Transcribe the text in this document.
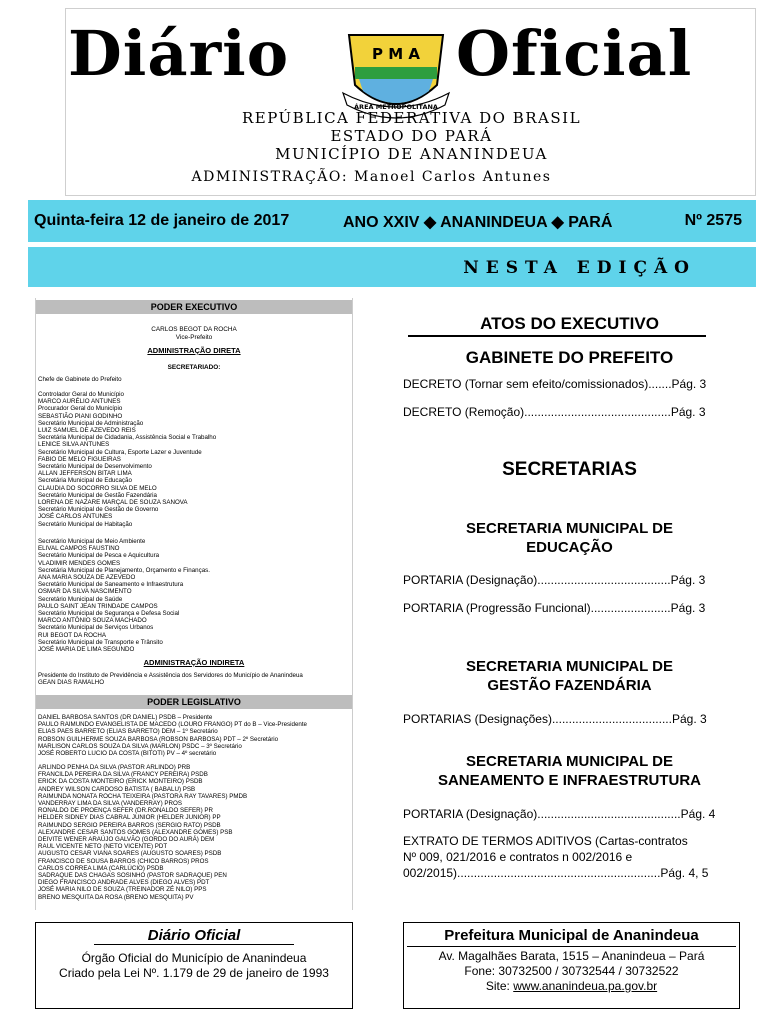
Diário	P M A
ÁREA METROPOLITANA
Oficial
REPÚBLICA FEDERATIVA DO BRASIL
ESTADO DO PARÁ
MUNICÍPIO DE ANANINDEUA
ADMINISTRAÇÃO: Manoel Carlos Antunes
Quinta-feira 12 de janeiro de 2017	ANO XXIV ◆ ANANINDEUA ◆ PARÁ	Nº 2575
NESTA EDIÇÃO
PODER EXECUTIVO
CARLOS BEGOT DA ROCHA
Vice-Prefeito
ADMINISTRAÇÃO DIRETA
SECRETARIADO:
Chefe de Gabinete do Prefeito
Controlador Geral do Município
MARCO AURÉLIO ANTUNES
Procurador Geral do Município
SEBASTIÃO PIANI GODINHO
Secretário Municipal de Administração
LUIZ SAMUEL DE AZEVEDO REIS
Secretária Municipal de Cidadania, Assistência Social e Trabalho
LENICE SILVA ANTUNES
Secretário Municipal de Cultura, Esporte Lazer e Juventude
FABIO DE MELO FIGUEIRAS
Secretário Municipal de Desenvolvimento
ALLAN JEFFERSON BITAR LIMA
Secretária Municipal de Educação
CLAUDIA DO SOCORRO SILVA DE MELO
Secretário Municipal de Gestão Fazendária
LORENA DE NAZARE MARÇAL DE SOUZA SANOVA
Secretário Municipal de Gestão de Governo
JOSÉ CARLOS ANTUNES
Secretário Municipal de Habitação
Secretário Municipal de Meio Ambiente
ELIVAL CAMPOS FAUSTINO
Secretário Municipal de Pesca e Aquicultura
VLADIMIR MENDES GOMES
Secretária Municipal de Planejamento, Orçamento e Finanças.
ANA MARIA SOUZA DE AZEVEDO
Secretário Municipal de Saneamento e Infraestrutura
OSMAR DA SILVA NASCIMENTO
Secretário Municipal de Saúde
PAULO SAINT JEAN TRINDADE CAMPOS
Secretário Municipal de Segurança e Defesa Social
MARCO ANTÔNIO SOUZA MACHADO
Secretário Municipal de Serviços Urbanos
RUI BEGOT DA ROCHA
Secretário Municipal de Transporte e Trânsito
JOSÉ MARIA DE LIMA SEGUNDO
ADMINISTRAÇÃO INDIRETA
Presidente do Instituto de Previdência e Assistência dos Servidores do Município de Ananindeua
GEAN DIAS RAMALHO
PODER LEGISLATIVO
DANIEL BARBOSA SANTOS (DR DANIEL) PSDB – Presidente
PAULO RAIMUNDO EVANGELISTA DE MACEDO (LOURO FRANGO) PT do B – Vice-Presidente
ELIAS PAES BARRETO (ELIAS BARRETO) DEM – 1º Secretário
ROBSON GUILHERME SOUZA BARBOSA (ROBSON BARBOSA) PDT – 2º Secretário
MARLISON CARLOS SOUZA DA SILVA (MARLON) PSDC – 3º Secretário
JOSÉ ROBERTO LUCIO DA COSTA (BITOTI) PV – 4º secretário
ARLINDO PENHA DA SILVA (PASTOR ARLINDO) PRB
FRANCILDA PEREIRA DA SILVA (FRANCY PEREIRA) PSDB
ERICK DA COSTA MONTEIRO (ERICK MONTEIRO) PSDB
ANDREY WILSON CARDOSO BATISTA ( BABALU) PSB
RAIMUNDA NONATA ROCHA TEIXEIRA (PASTORA RAY TAVARES) PMDB
VANDERRAY LIMA DA SILVA (VANDERRAY) PROS
RONALDO DE PROENÇA SEFER (DR.RONALDO SEFER) PR
HELDER SIDNEY DIAS CABRAL JUNIOR (HELDER JUNIOR) PP
RAIMUNDO SERGIO PEREIRA BARROS (SERGIO RATO) PSDB
ALEXANDRE CESAR SANTOS GOMES (ALEXANDRE GOMES) PSB
DEIVITE WENER ARAÚJO GALVÃO (GORDO DO AURÁ) DEM
RAUL VICENTE NETO (NETO VICENTE) PDT
AUGUSTO CESAR VIANA SOARES (AUGUSTO SOARES) PSDB
FRANCISCO DE SOUSA BARROS (CHICO BARROS) PROS
CARLOS CORREA LIMA (CARLÚCIO) PSDB
SADRAQUE DAS CHAGAS SOSINHO (PASTOR SADRAQUE) PEN
DIEGO FRANCISCO ANDRADE ALVES (DIEGO ALVES) PDT
JOSÉ MARIA NILO DE SOUZA (TREINADOR ZÉ NILO) PPS
BRENO MESQUITA DA ROSA (BRENO MESQUITA) PV
ATOS DO EXECUTIVO
GABINETE DO PREFEITO
DECRETO (Tornar sem efeito/comissionados).......Pág. 3
DECRETO (Remoção)............................................Pág. 3
SECRETARIAS
SECRETARIA MUNICIPAL DE
EDUCAÇÃO
PORTARIA (Designação)........................................Pág. 3
PORTARIA (Progressão Funcional)........................Pág. 3
SECRETARIA MUNICIPAL DE
GESTÃO FAZENDÁRIA
PORTARIAS (Designações)....................................Pág. 3
SECRETARIA MUNICIPAL DE
SANEAMENTO E INFRAESTRUTURA
PORTARIA (Designação)...........................................Pág. 4
EXTRATO DE TERMOS ADITIVOS (Cartas-contratos
Nº 009, 021/2016 e contratos n 002/2016 e
002/2015).............................................................Pág. 4, 5
Diário Oficial
Órgão Oficial do Município de Ananindeua
Criado pela Lei Nº. 1.179 de 29 de janeiro de 1993
Prefeitura Municipal de Ananindeua
Av. Magalhães Barata, 1515 – Ananindeua – Pará
Fone: 30732500 / 30732544 / 30732522
Site: www.ananindeua.pa.gov.br
